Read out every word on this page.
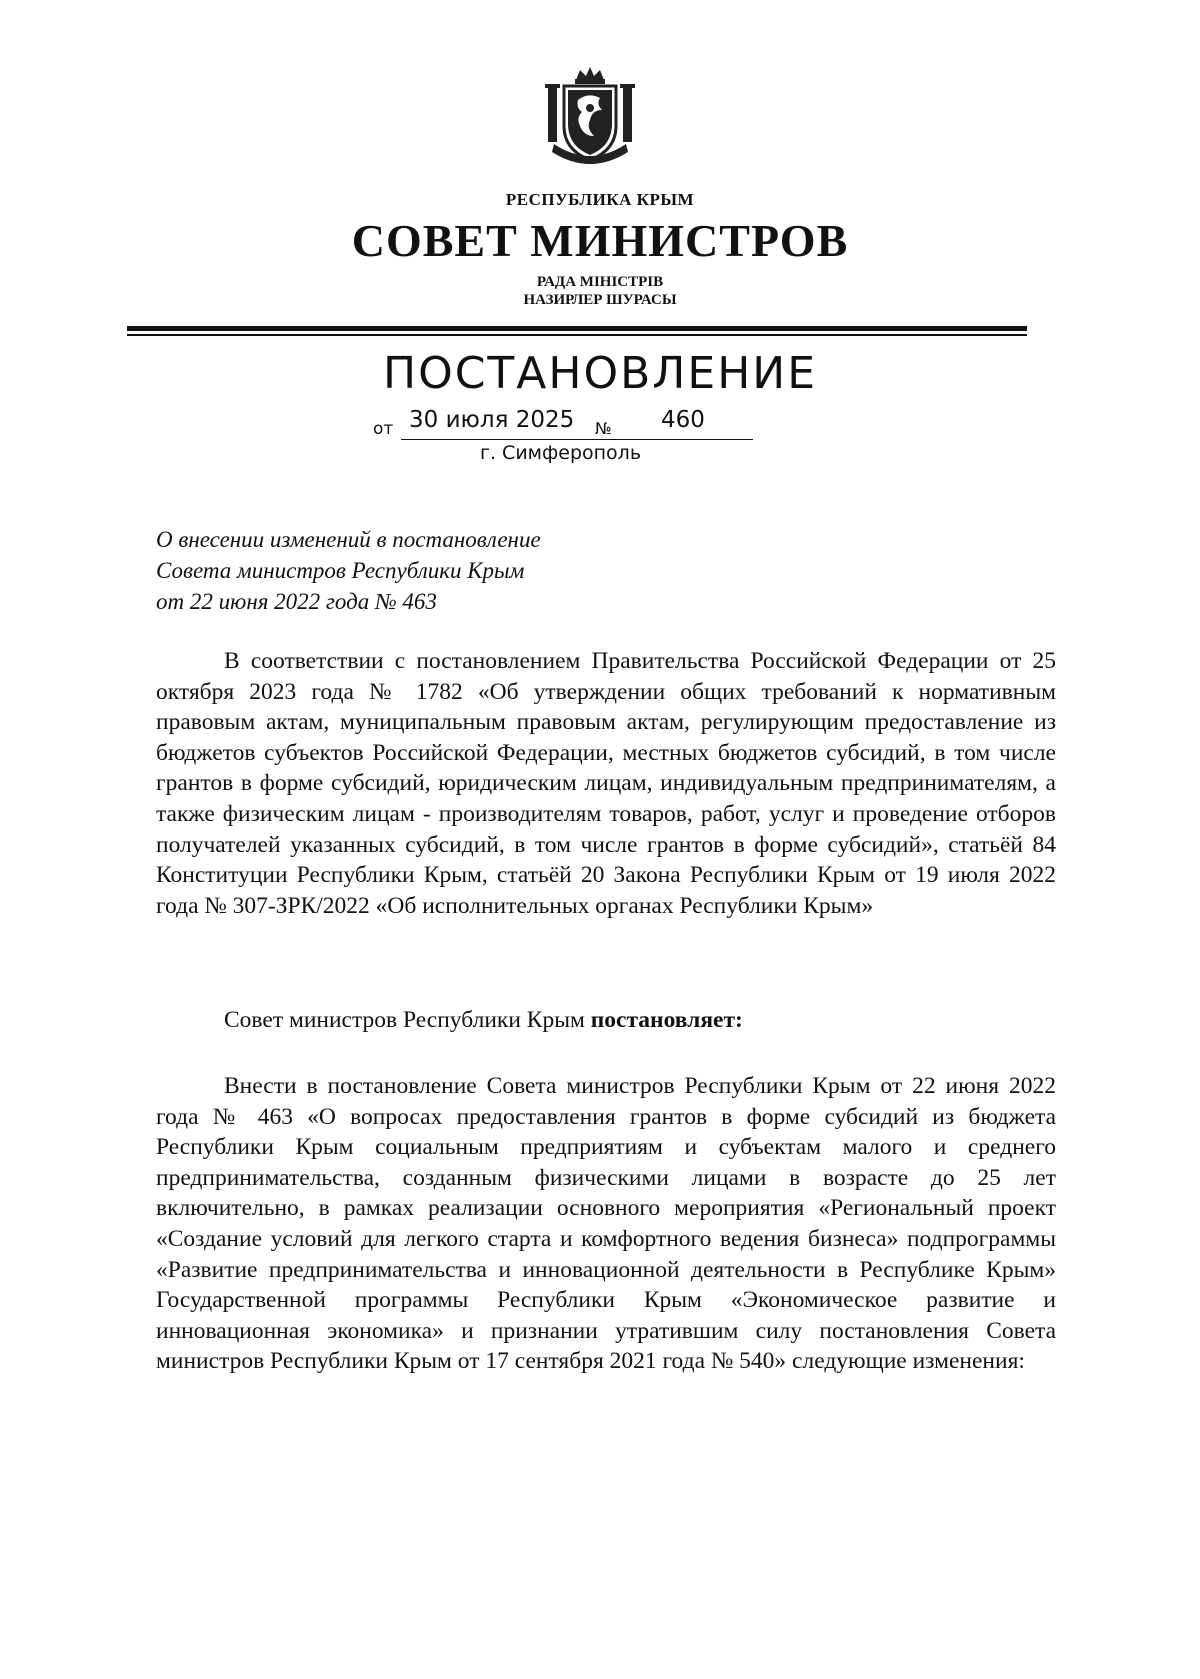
РЕСПУБЛИКА КРЫМ
СОВЕТ МИНИСТРОВ
РАДА МІНІСТРІВ
НАЗИРЛЕР ШУРАСЫ
ПОСТАНОВЛЕНИЕ
от 30 июля 2025 № 460
г. Симферополь
О внесении изменений в постановление
Совета министров Республики Крым
от 22 июня 2022 года № 463
В соответствии с постановлением Правительства Российской Федерации от 25 октября 2023 года № 1782 «Об утверждении общих требований к нормативным правовым актам, муниципальным правовым актам, регулирующим предоставление из бюджетов субъектов Российской Федерации, местных бюджетов субсидий, в том числе грантов в форме субсидий, юридическим лицам, индивидуальным предпринимателям, а также физическим лицам - производителям товаров, работ, услуг и проведение отборов получателей указанных субсидий, в том числе грантов в форме субсидий», статьёй 84 Конституции Республики Крым, статьёй 20 Закона Республики Крым от 19 июля 2022 года № 307-ЗРК/2022 «Об исполнительных органах Республики Крым»
Совет министров Республики Крым постановляет:
Внести в постановление Совета министров Республики Крым от 22 июня 2022 года № 463 «О вопросах предоставления грантов в форме субсидий из бюджета Республики Крым социальным предприятиям и субъектам малого и среднего предпринимательства, созданным физическими лицами в возрасте до 25 лет включительно, в рамках реализации основного мероприятия «Региональный проект «Создание условий для легкого старта и комфортного ведения бизнеса» подпрограммы «Развитие предпринимательства и инновационной деятельности в Республике Крым» Государственной программы Республики Крым «Экономическое развитие и инновационная экономика» и признании утратившим силу постановления Совета министров Республики Крым от 17 сентября 2021 года № 540» следующие изменения:
